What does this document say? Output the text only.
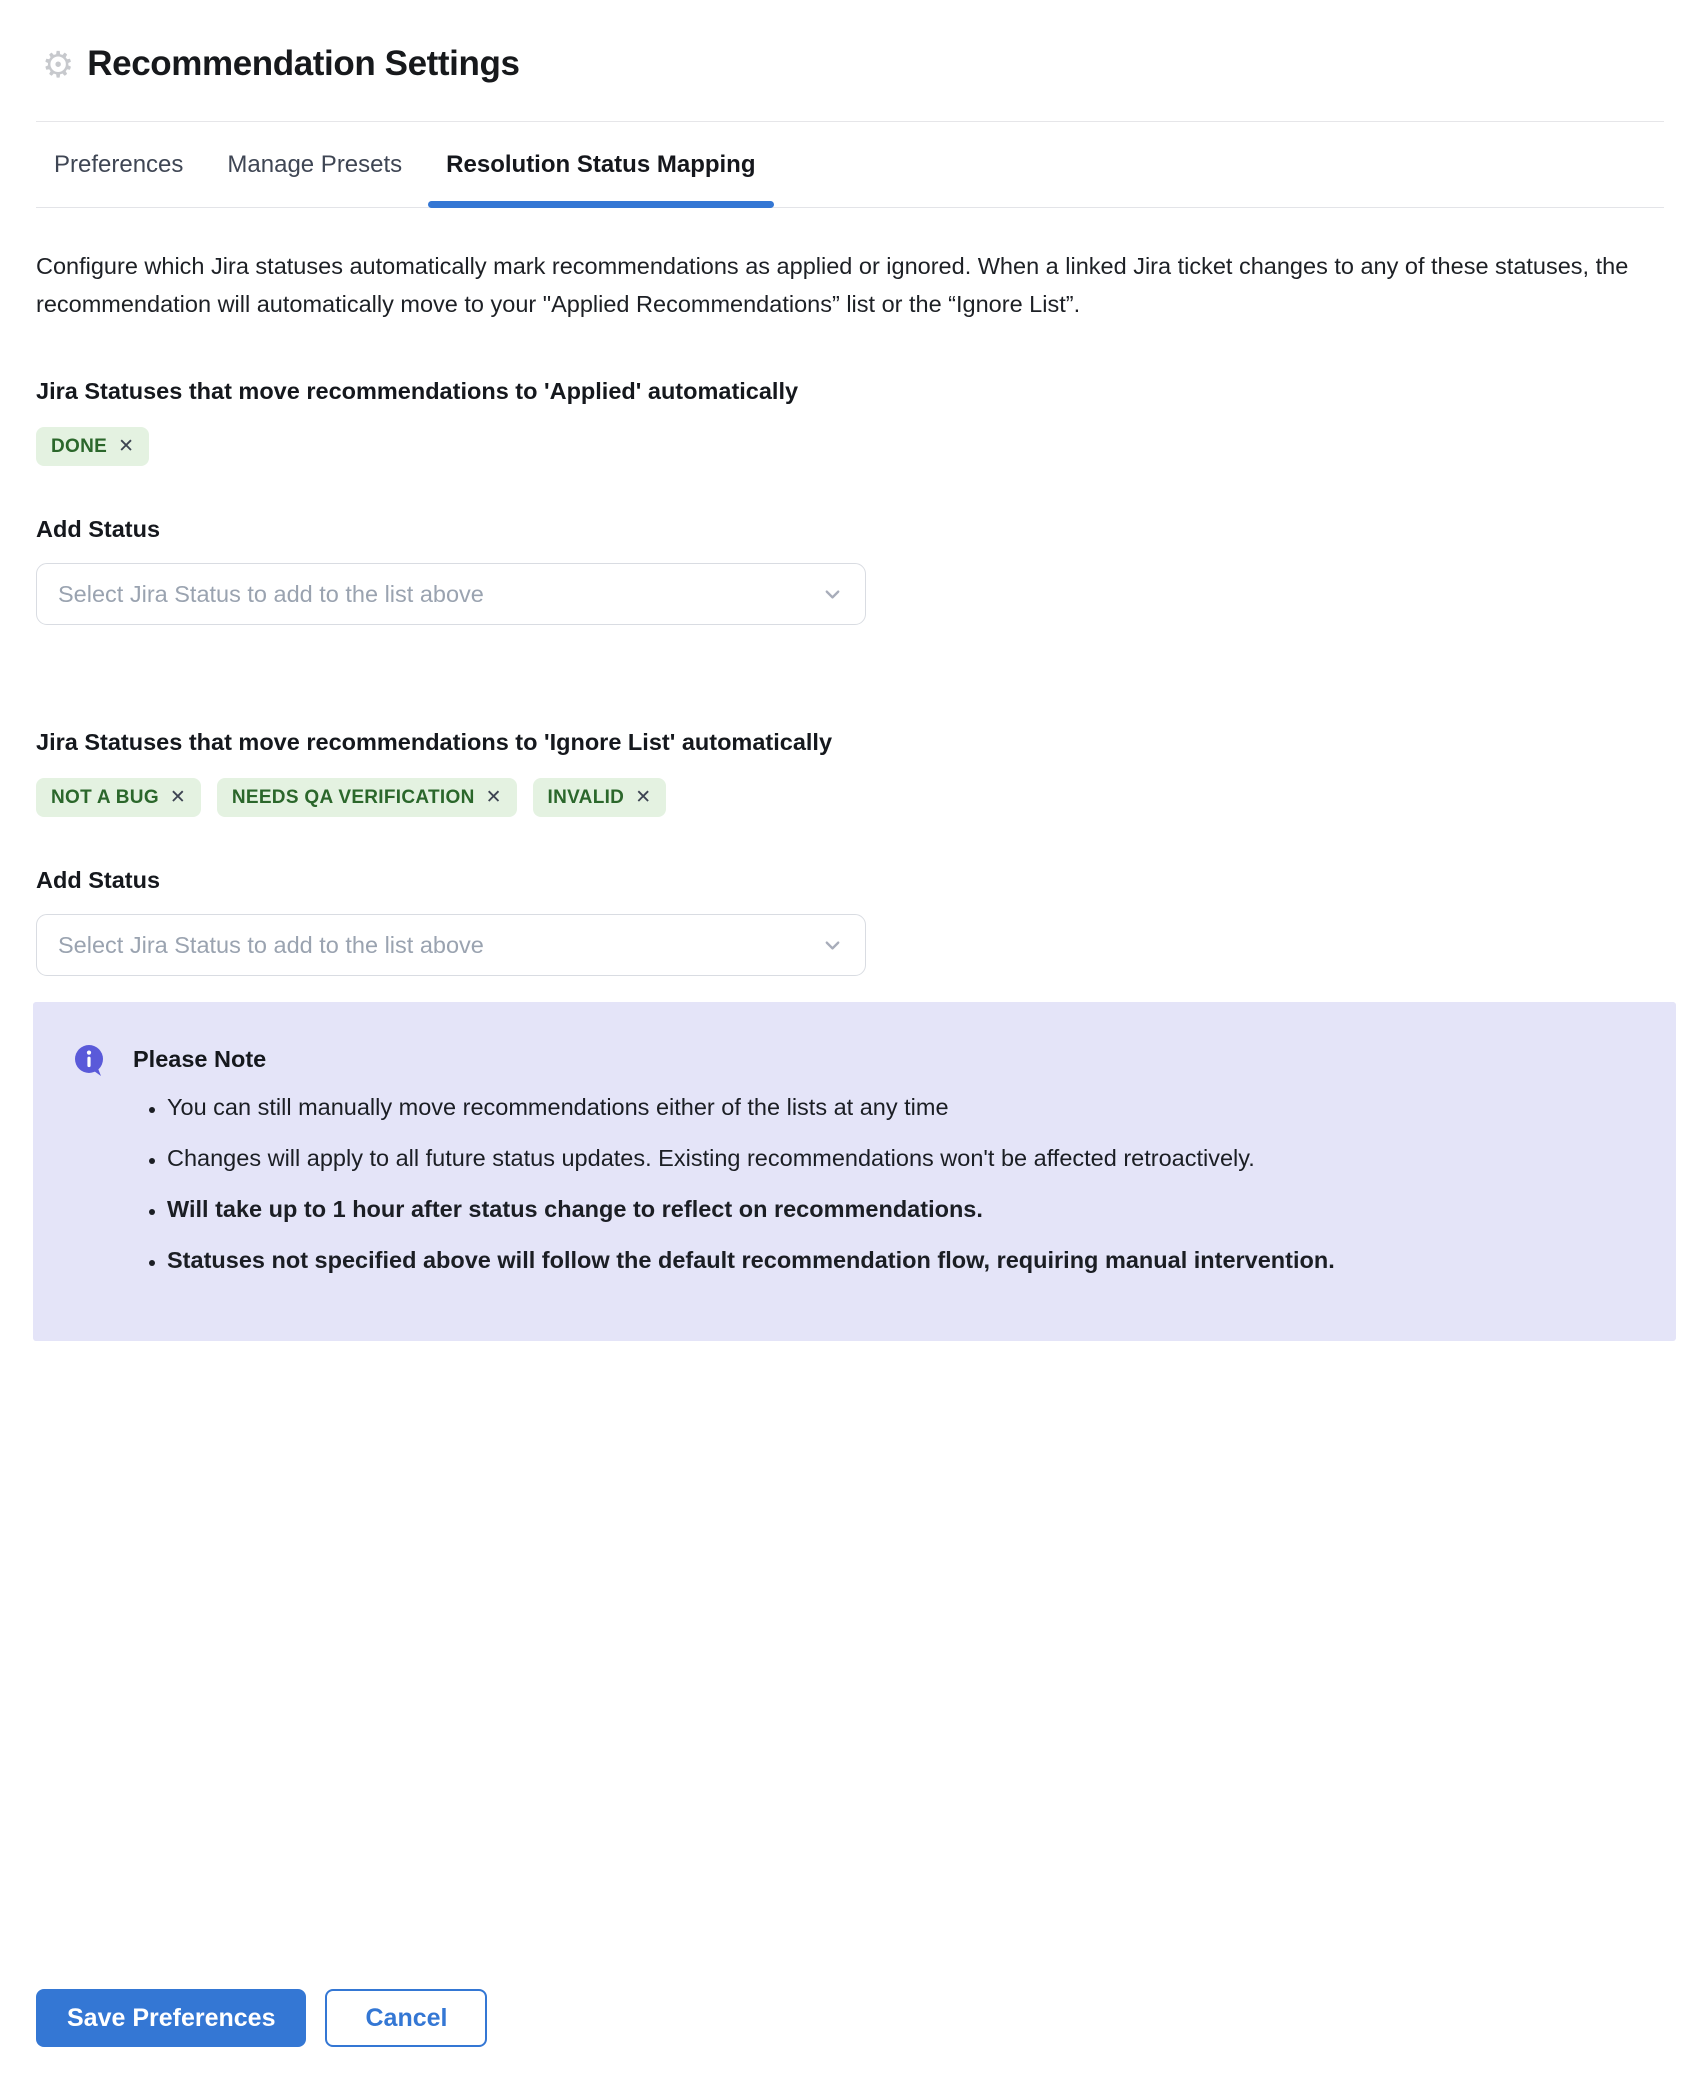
⚙ Recommendation Settings
Preferences Manage Presets Resolution Status Mapping

Configure which Jira statuses automatically mark recommendations as applied or ignored. When a linked Jira ticket changes to any of these statuses, the recommendation will automatically move to your "Applied Recommendations” list or the “Ignore List”.

Jira Statuses that move recommendations to 'Applied' automatically
DONE
✕
Add Status
Select Jira Status to add to the list above
Jira Statuses that move recommendations to 'Ignore List' automatically
NOT A BUG ✕	NEEDS QA VERIFICATION ✕	INVALID
✕
Add Status
Select Jira Status to add to the list above
Please Note
• You can still manually move recommendations either of the lists at any time
• Changes will apply to all future status updates. Existing recommendations won't be affected retroactively.
• Will take up to 1 hour after status change to reflect on recommendations.
• Statuses not specified above will follow the default recommendation flow, requiring manual intervention.
Save Preferences	Cancel
